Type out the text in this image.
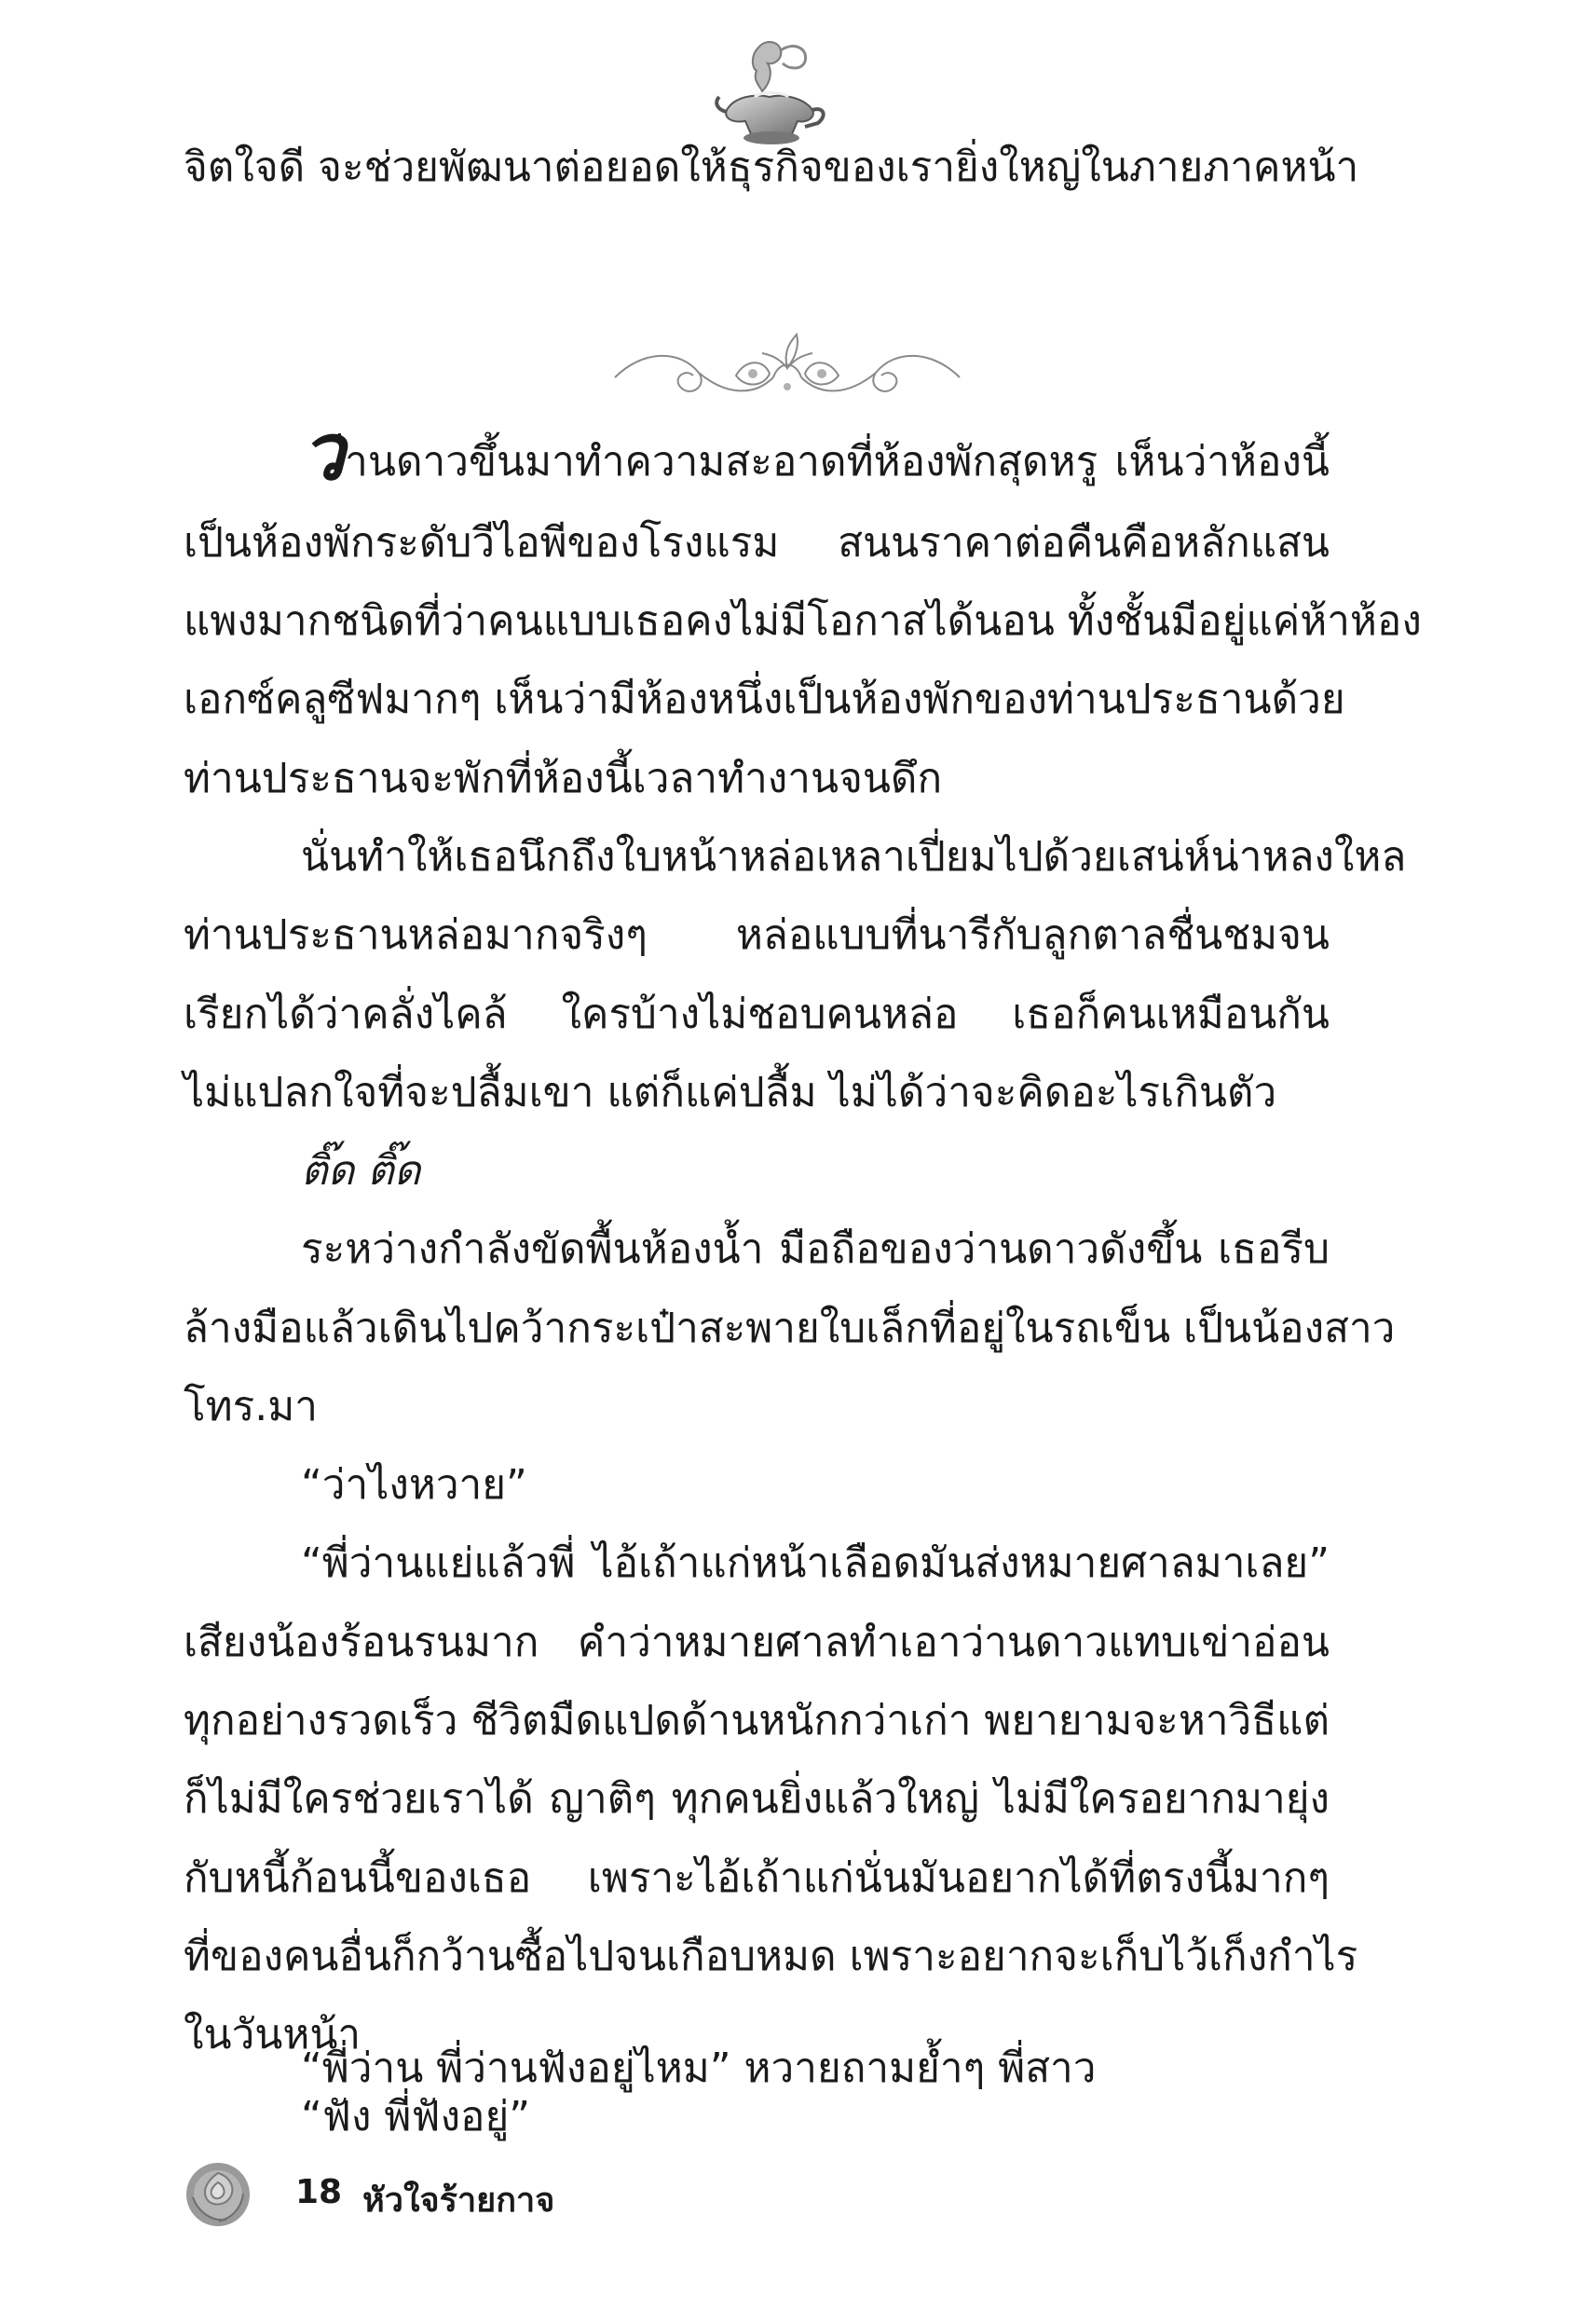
จิตใจดี จะช่วยพัฒนาต่อยอดให้ธุรกิจของเรายิ่งใหญ่ในภายภาคหน้า
ว่านดาวขึ้นมาทำความสะอาดที่ห้องพักสุดหรู เห็นว่าห้องนี้
เป็นห้องพักระดับวีไอพีของโรงแรม สนนราคาต่อคืนคือหลักแสน
แพงมากชนิดที่ว่าคนแบบเธอคงไม่มีโอกาสได้นอน ทั้งชั้นมีอยู่แค่ห้าห้อง
เอกซ์คลูซีฟมากๆ เห็นว่ามีห้องหนึ่งเป็นห้องพักของท่านประธานด้วย
ท่านประธานจะพักที่ห้องนี้เวลาทำงานจนดึก
นั่นทำให้เธอนึกถึงใบหน้าหล่อเหลาเปี่ยมไปด้วยเสน่ห์น่าหลงใหล
ท่านประธานหล่อมากจริงๆ หล่อแบบที่นารีกับลูกตาลชื่นชมจน
เรียกได้ว่าคลั่งไคล้ ใครบ้างไม่ชอบคนหล่อ เธอก็คนเหมือนกัน
ไม่แปลกใจที่จะปลื้มเขา แต่ก็แค่ปลื้ม ไม่ได้ว่าจะคิดอะไรเกินตัว
ติ๊ด ติ๊ด
ระหว่างกำลังขัดพื้นห้องน้ำ มือถือของว่านดาวดังขึ้น เธอรีบ
ล้างมือแล้วเดินไปคว้ากระเป๋าสะพายใบเล็กที่อยู่ในรถเข็น เป็นน้องสาว
โทร.มา
“ว่าไงหวาย”
“พี่ว่านแย่แล้วพี่ ไอ้เถ้าแก่หน้าเลือดมันส่งหมายศาลมาเลย”
เสียงน้องร้อนรนมาก คำว่าหมายศาลทำเอาว่านดาวแทบเข่าอ่อน
ทุกอย่างรวดเร็ว ชีวิตมืดแปดด้านหนักกว่าเก่า พยายามจะหาวิธีแต่
ก็ไม่มีใครช่วยเราได้ ญาติๆ ทุกคนยิ่งแล้วใหญ่ ไม่มีใครอยากมายุ่ง
กับหนี้ก้อนนี้ของเธอ เพราะไอ้เถ้าแก่นั่นมันอยากได้ที่ตรงนี้มากๆ
ที่ของคนอื่นก็กว้านซื้อไปจนเกือบหมด เพราะอยากจะเก็บไว้เก็งกำไร
ในวันหน้า
“พี่ว่าน พี่ว่านฟังอยู่ไหม” หวายถามย้ำๆ พี่สาว
“ฟัง พี่ฟังอยู่”
18 หัวใจร้ายกาจ
